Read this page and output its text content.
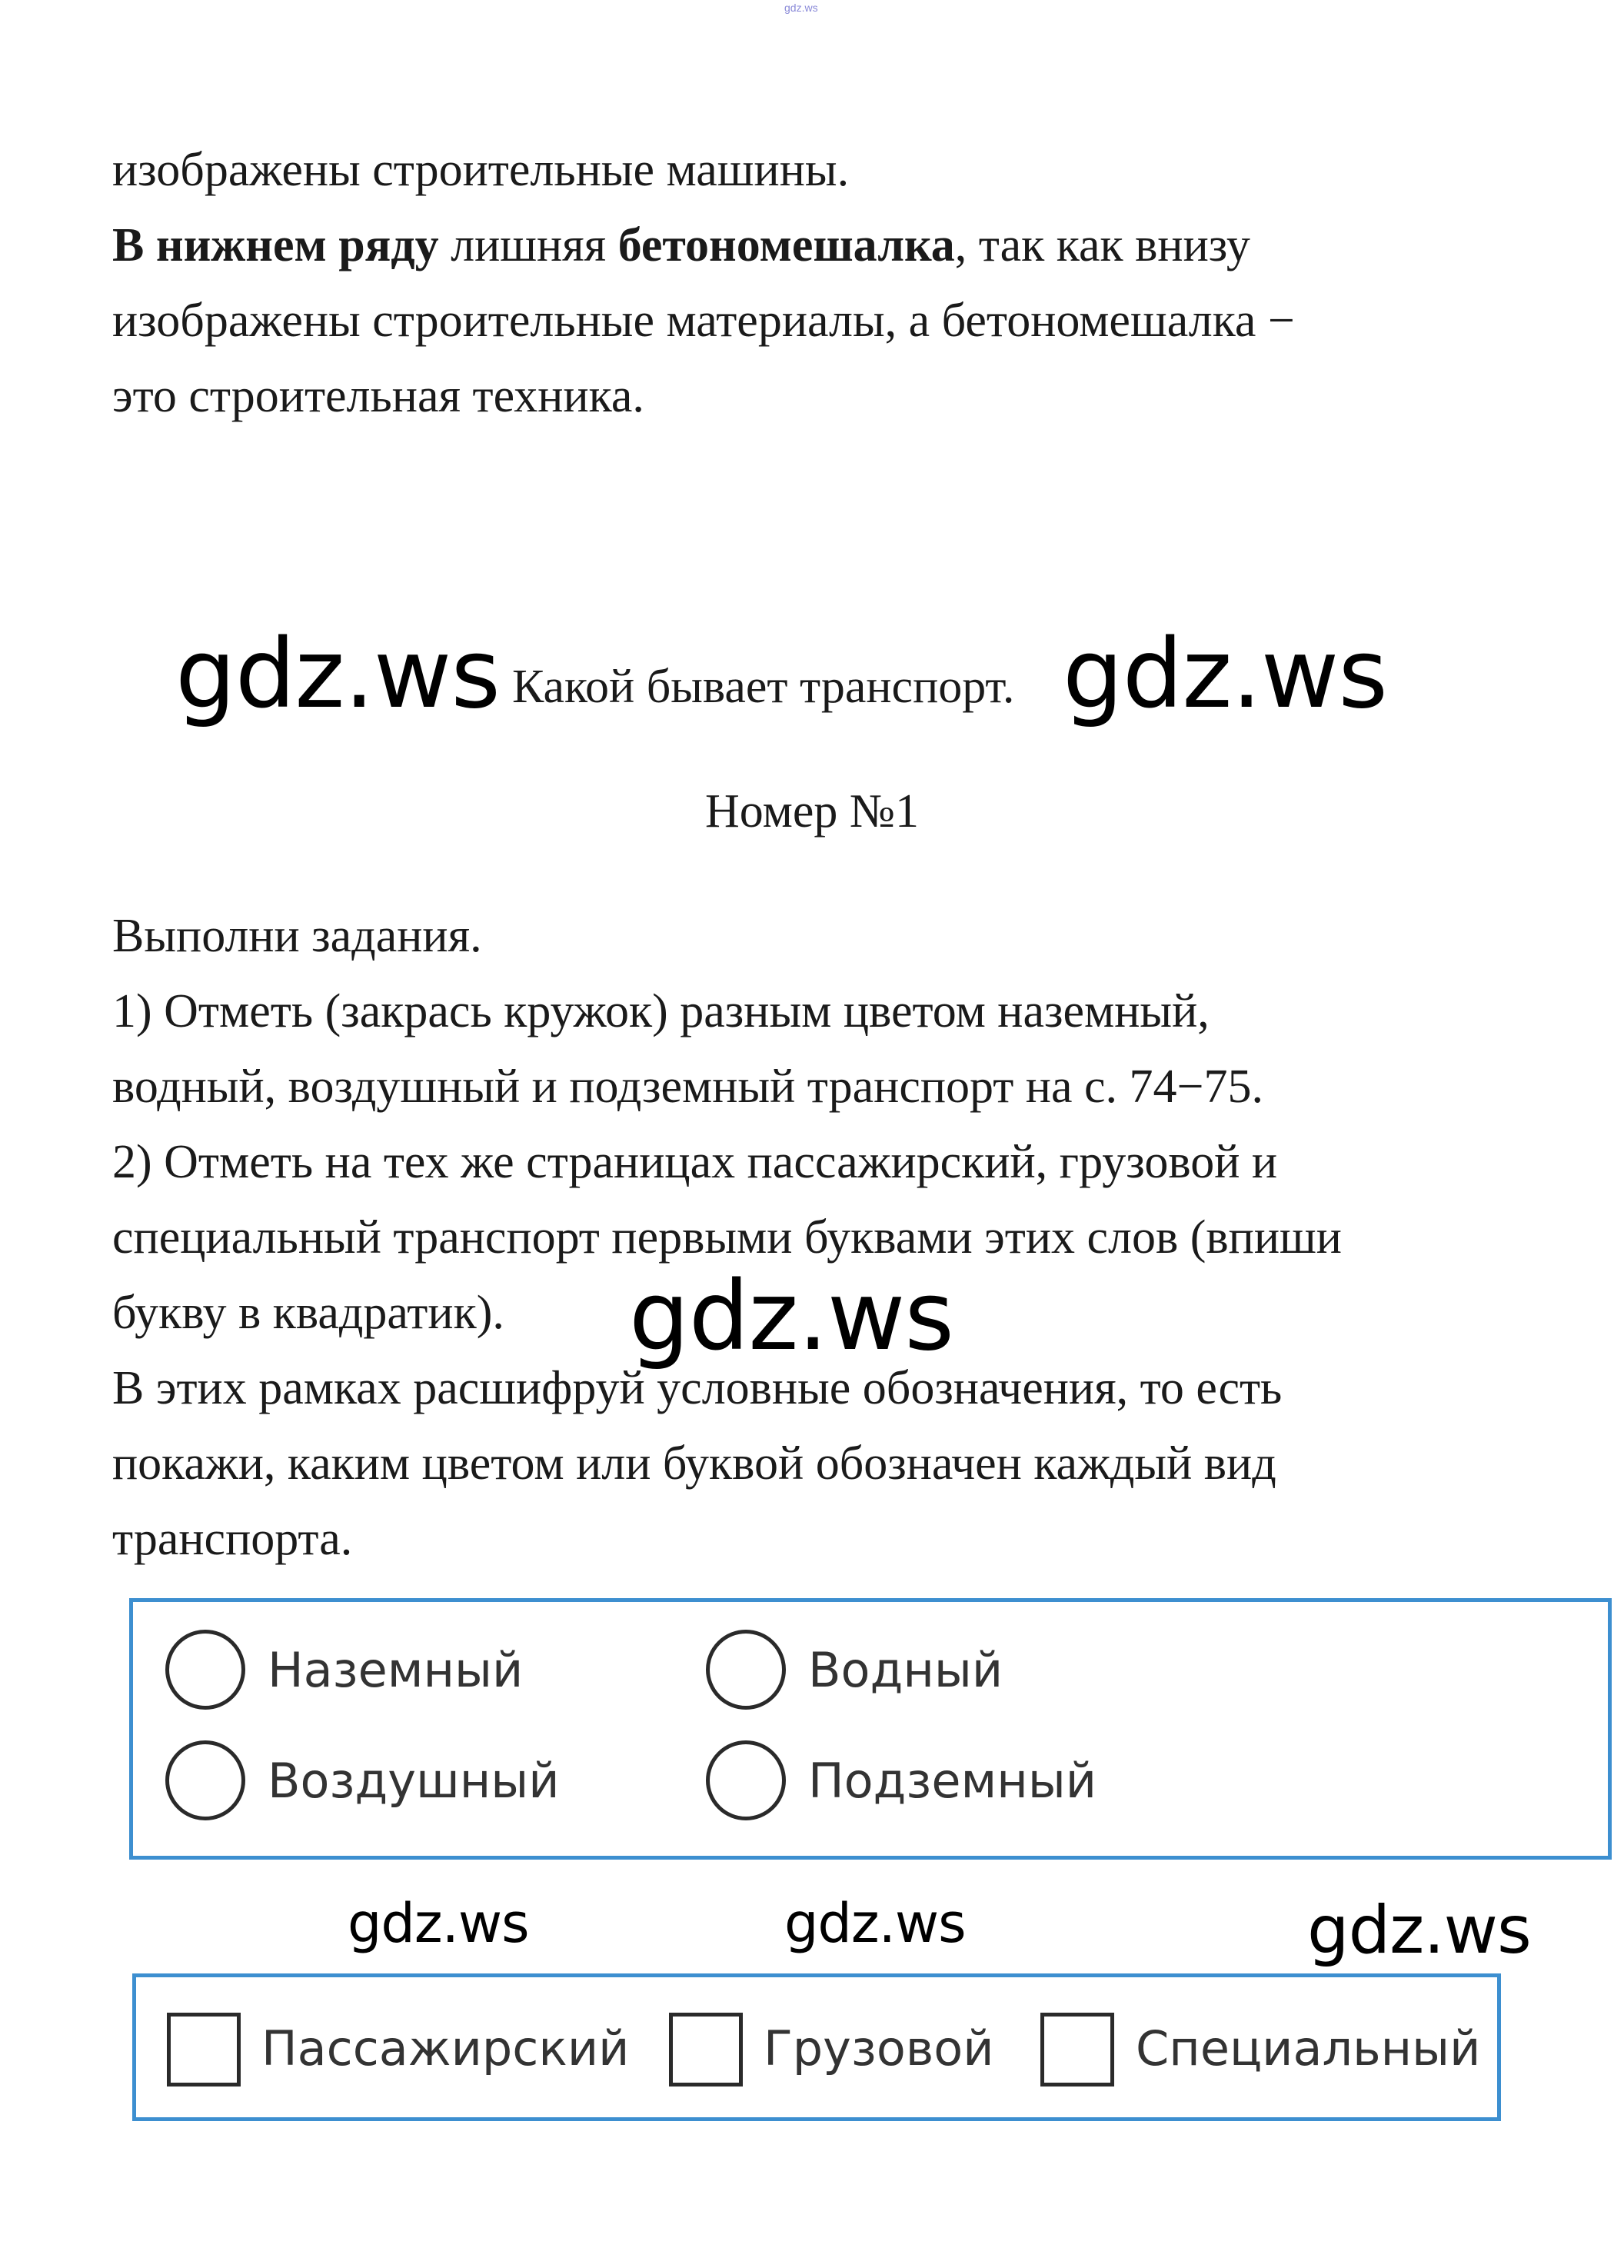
gdz.ws
изображены строительные машины.
В нижнем ряду лишняя бетономешалка, так как внизу
изображены строительные материалы, а бетономешалка −
это строительная техника.
gdz.ws Какой бывает транспорт. gdz.ws
Номер №1
Выполни задания.
1) Отметь (закрась кружок) разным цветом наземный,
водный, воздушный и подземный транспорт на с. 74−75.
2) Отметь на тех же страницах пассажирский, грузовой и
специальный транспорт первыми буквами этих слов (впиши
букву в квадратик). gdz.ws
В этих рамках расшифруй условные обозначения, то есть
покажи, каким цветом или буквой обозначен каждый вид
транспорта.
Наземный	Водный
Воздушный	Подземный
gdz.ws	gdz.ws	gdz.ws
Пассажирский	Грузовой	Специальный
